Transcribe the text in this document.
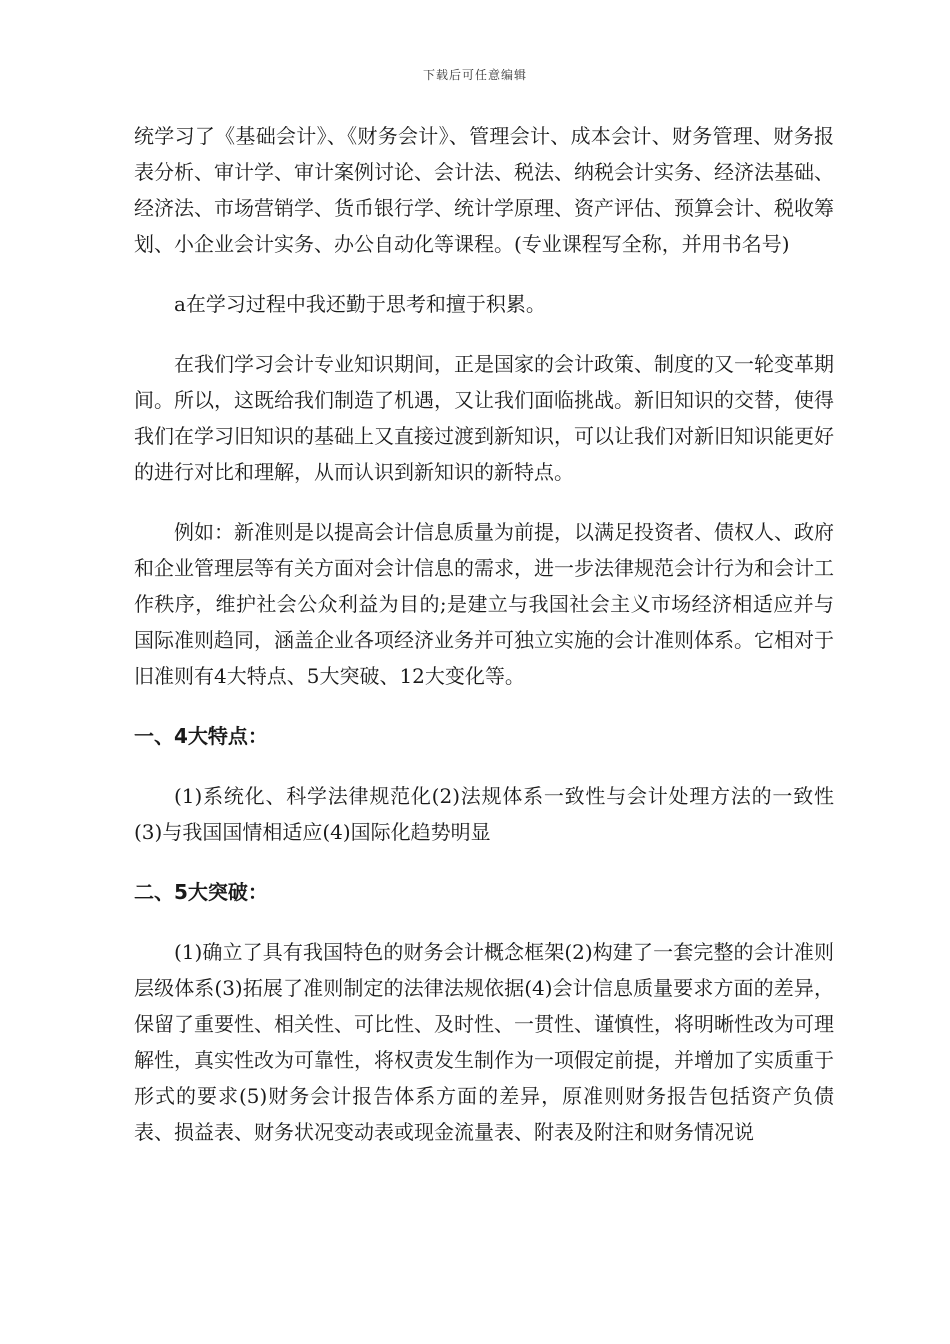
下载后可任意编辑

统学习了《基础会计》、《财务会计》、管理会计、成本会计、财务管理、财务报表分析、审计学、审计案例讨论、会计法、税法、纳税会计实务、经济法基础、经济法、市场营销学、货币银行学、统计学原理、资产评估、预算会计、税收筹划、小企业会计实务、办公自动化等课程。(专业课程写全称，并用书名号)

a在学习过程中我还勤于思考和擅于积累。

在我们学习会计专业知识期间，正是国家的会计政策、制度的又一轮变革期间。所以，这既给我们制造了机遇，又让我们面临挑战。新旧知识的交替，使得我们在学习旧知识的基础上又直接过渡到新知识，可以让我们对新旧知识能更好的进行对比和理解，从而认识到新知识的新特点。

例如：新准则是以提高会计信息质量为前提，以满足投资者、债权人、政府和企业管理层等有关方面对会计信息的需求，进一步法律规范会计行为和会计工作秩序，维护社会公众利益为目的;是建立与我国社会主义市场经济相适应并与国际准则趋同，涵盖企业各项经济业务并可独立实施的会计准则体系。它相对于旧准则有4大特点、5大突破、12大变化等。

一、4大特点：

(1)系统化、科学法律规范化(2)法规体系一致性与会计处理方法的一致性(3)与我国国情相适应(4)国际化趋势明显

二、5大突破：

(1)确立了具有我国特色的财务会计概念框架(2)构建了一套完整的会计准则层级体系(3)拓展了准则制定的法律法规依据(4)会计信息质量要求方面的差异，保留了重要性、相关性、可比性、及时性、一贯性、谨慎性，将明晰性改为可理解性，真实性改为可靠性，将权责发生制作为一项假定前提，并增加了实质重于形式的要求(5)财务会计报告体系方面的差异，原准则财务报告包括资产负债表、损益表、财务状况变动表或现金流量表、附表及附注和财务情况说
